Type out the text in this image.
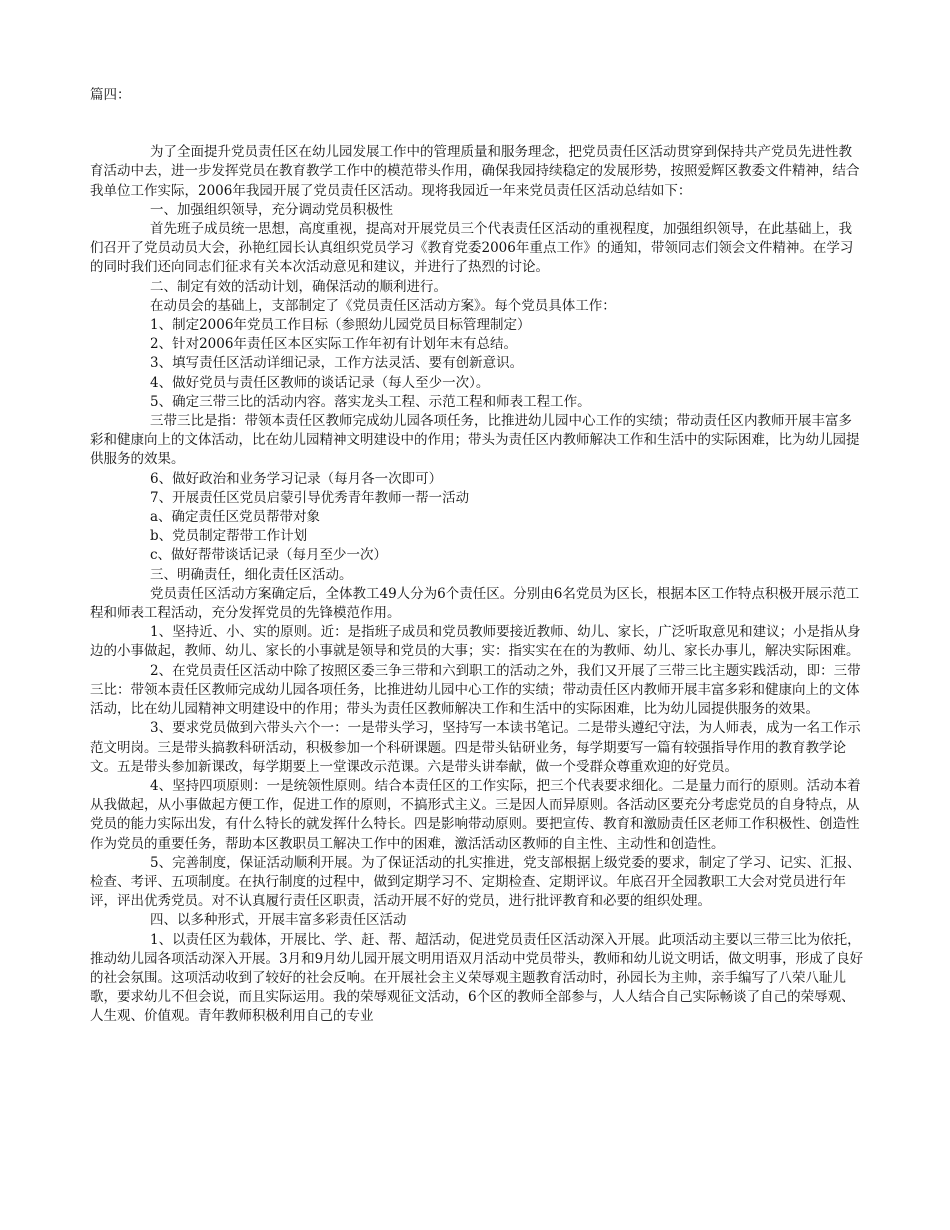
篇四：

为了全面提升党员责任区在幼儿园发展工作中的管理质量和服务理念，把党员责任区活动贯穿到保持共产党员先进性教育活动中去，进一步发挥党员在教育教学工作中的模范带头作用，确保我园持续稳定的发展形势，按照爱辉区教委文件精神，结合我单位工作实际，2006年我园开展了党员责任区活动。现将我园近一年来党员责任区活动总结如下：

一、加强组织领导，充分调动党员积极性

首先班子成员统一思想，高度重视，提高对开展党员三个代表责任区活动的重视程度，加强组织领导，在此基础上，我们召开了党员动员大会，孙艳红园长认真组织党员学习《教育党委2006年重点工作》的通知，带领同志们领会文件精神。在学习的同时我们还向同志们征求有关本次活动意见和建议，并进行了热烈的讨论。

二、制定有效的活动计划，确保活动的顺利进行。

在动员会的基础上，支部制定了《党员责任区活动方案》。每个党员具体工作：

1、制定2006年党员工作目标（参照幼儿园党员目标管理制定）

2、针对2006年责任区本区实际工作年初有计划年末有总结。

3、填写责任区活动详细记录，工作方法灵活、要有创新意识。

4、做好党员与责任区教师的谈话记录（每人至少一次）。

5、确定三带三比的活动内容。落实龙头工程、示范工程和师表工程工作。

三带三比是指：带领本责任区教师完成幼儿园各项任务，比推进幼儿园中心工作的实绩；带动责任区内教师开展丰富多彩和健康向上的文体活动，比在幼儿园精神文明建设中的作用；带头为责任区内教师解决工作和生活中的实际困难，比为幼儿园提供服务的效果。

6、做好政治和业务学习记录（每月各一次即可）

7、开展责任区党员启蒙引导优秀青年教师一帮一活动

a、确定责任区党员帮带对象

b、党员制定帮带工作计划

c、做好帮带谈话记录（每月至少一次）

三、明确责任，细化责任区活动。

党员责任区活动方案确定后，全体教工49人分为6个责任区。分别由6名党员为区长，根据本区工作特点积极开展示范工程和师表工程活动，充分发挥党员的先锋模范作用。

1、坚持近、小、实的原则。近：是指班子成员和党员教师要接近教师、幼儿、家长，广泛听取意见和建议；小是指从身边的小事做起，教师、幼儿、家长的小事就是领导和党员的大事；实：指实实在在的为教师、幼儿、家长办事儿，解决实际困难。

2、在党员责任区活动中除了按照区委三争三带和六到职工的活动之外，我们又开展了三带三比主题实践活动，即：三带三比：带领本责任区教师完成幼儿园各项任务，比推进幼儿园中心工作的实绩；带动责任区内教师开展丰富多彩和健康向上的文体活动，比在幼儿园精神文明建设中的作用；带头为责任区教师解决工作和生活中的实际困难，比为幼儿园提供服务的效果。

3、要求党员做到六带头六个一：一是带头学习，坚持写一本读书笔记。二是带头遵纪守法，为人师表，成为一名工作示范文明岗。三是带头搞教科研活动，积极参加一个科研课题。四是带头钻研业务，每学期要写一篇有较强指导作用的教育教学论文。五是带头参加新课改，每学期要上一堂课改示范课。六是带头讲奉献，做一个受群众尊重欢迎的好党员。

4、坚持四项原则：一是统领性原则。结合本责任区的工作实际，把三个代表要求细化。二是量力而行的原则。活动本着从我做起，从小事做起方便工作，促进工作的原则，不搞形式主义。三是因人而异原则。各活动区要充分考虑党员的自身特点，从党员的能力实际出发，有什么特长的就发挥什么特长。四是影响带动原则。要把宣传、教育和激励责任区老师工作积极性、创造性作为党员的重要任务，帮助本区教职员工解决工作中的困难，激活活动区教师的自主性、主动性和创造性。

5、完善制度，保证活动顺利开展。为了保证活动的扎实推进，党支部根据上级党委的要求，制定了学习、记实、汇报、检查、考评、五项制度。在执行制度的过程中，做到定期学习不、定期检查、定期评议。年底召开全园教职工大会对党员进行年评，评出优秀党员。对不认真履行责任区职责，活动开展不好的党员，进行批评教育和必要的组织处理。

四、以多种形式，开展丰富多彩责任区活动

1、以责任区为载体，开展比、学、赶、帮、超活动，促进党员责任区活动深入开展。此项活动主要以三带三比为依托，推动幼儿园各项活动深入开展。3月和9月幼儿园开展文明用语双月活动中党员带头，教师和幼儿说文明话，做文明事，形成了良好的社会氛围。这项活动收到了较好的社会反响。在开展社会主义荣辱观主题教育活动时，孙园长为主帅，亲手编写了八荣八耻儿歌，要求幼儿不但会说，而且实际运用。我的荣辱观征文活动，6个区的教师全部参与，人人结合自己实际畅谈了自己的荣辱观、人生观、价值观。青年教师积极利用自己的专业
